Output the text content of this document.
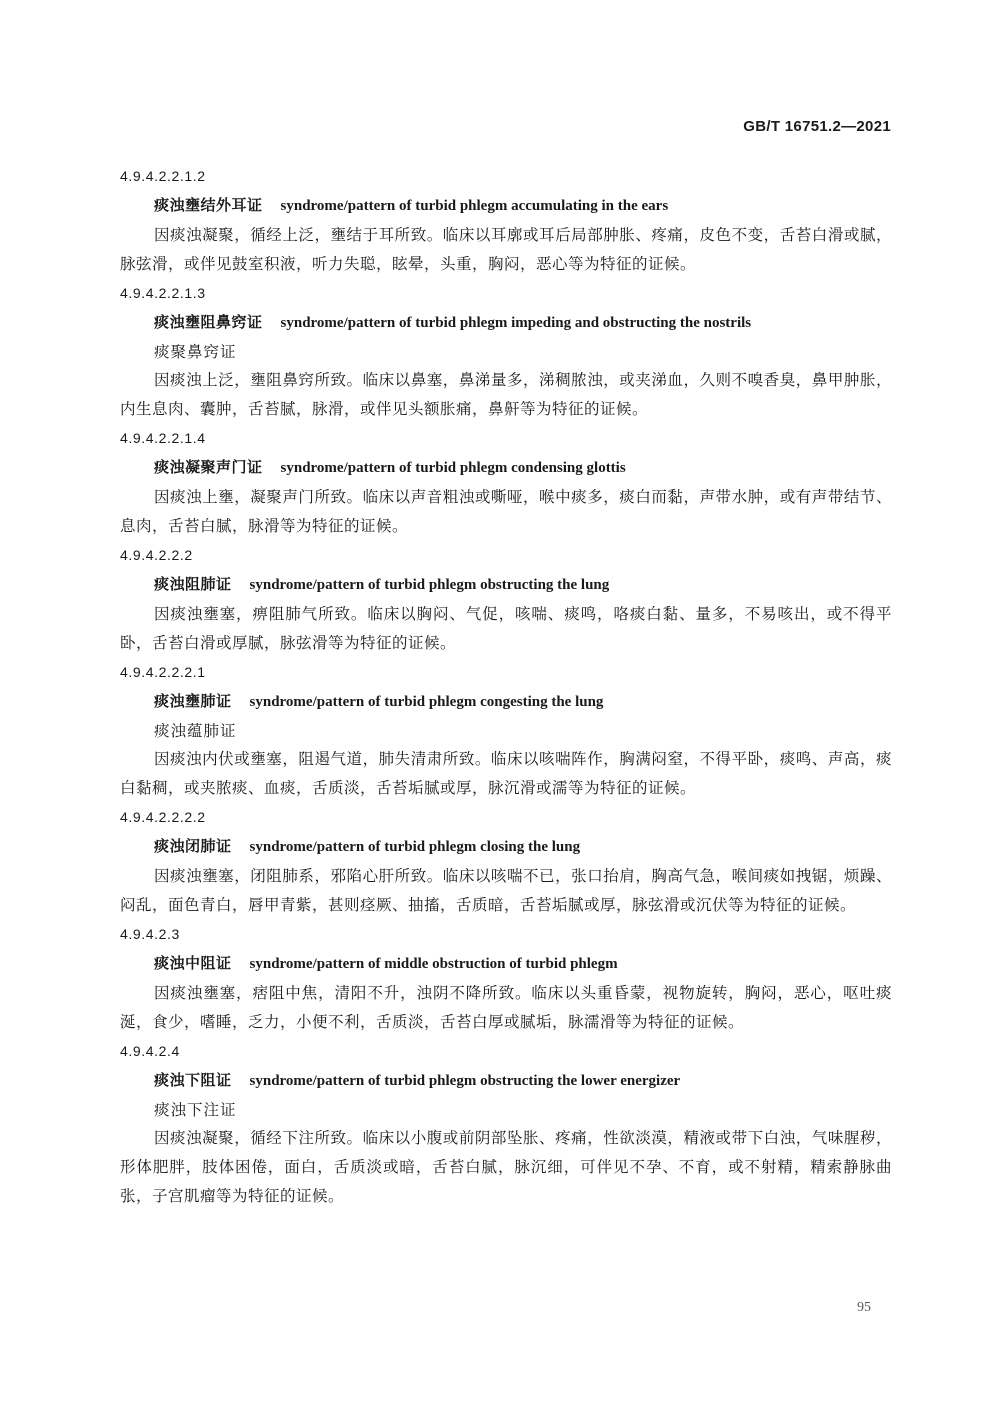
GB/T 16751.2—2021
4.9.4.2.2.1.2
痰浊壅结外耳证 syndrome/pattern of turbid phlegm accumulating in the ears
因痰浊凝聚，循经上泛，壅结于耳所致。临床以耳廓或耳后局部肿胀、疼痛，皮色不变，舌苔白滑或腻，脉弦滑，或伴见鼓室积液，听力失聪，眩晕，头重，胸闷，恶心等为特征的证候。
4.9.4.2.2.1.3
痰浊壅阻鼻窍证 syndrome/pattern of turbid phlegm impeding and obstructing the nostrils
痰聚鼻窍证
因痰浊上泛，壅阻鼻窍所致。临床以鼻塞，鼻涕量多，涕稠脓浊，或夹涕血，久则不嗅香臭，鼻甲肿胀，内生息肉、囊肿，舌苔腻，脉滑，或伴见头额胀痛，鼻鼾等为特征的证候。
4.9.4.2.2.1.4
痰浊凝聚声门证 syndrome/pattern of turbid phlegm condensing glottis
因痰浊上壅，凝聚声门所致。临床以声音粗浊或嘶哑，喉中痰多，痰白而黏，声带水肿，或有声带结节、息肉，舌苔白腻，脉滑等为特征的证候。
4.9.4.2.2.2
痰浊阻肺证 syndrome/pattern of turbid phlegm obstructing the lung
因痰浊壅塞，痹阻肺气所致。临床以胸闷、气促，咳喘、痰鸣，咯痰白黏、量多，不易咳出，或不得平卧，舌苔白滑或厚腻，脉弦滑等为特征的证候。
4.9.4.2.2.2.1
痰浊壅肺证 syndrome/pattern of turbid phlegm congesting the lung
痰浊蕴肺证
因痰浊内伏或壅塞，阻遏气道，肺失清肃所致。临床以咳喘阵作，胸满闷窒，不得平卧，痰鸣、声高，痰白黏稠，或夹脓痰、血痰，舌质淡，舌苔垢腻或厚，脉沉滑或濡等为特征的证候。
4.9.4.2.2.2.2
痰浊闭肺证 syndrome/pattern of turbid phlegm closing the lung
因痰浊壅塞，闭阻肺系，邪陷心肝所致。临床以咳喘不已，张口抬肩，胸高气急，喉间痰如拽锯，烦躁、闷乱，面色青白，唇甲青紫，甚则痉厥、抽搐，舌质暗，舌苔垢腻或厚，脉弦滑或沉伏等为特征的证候。
4.9.4.2.3
痰浊中阻证 syndrome/pattern of middle obstruction of turbid phlegm
因痰浊壅塞，痞阻中焦，清阳不升，浊阴不降所致。临床以头重昏蒙，视物旋转，胸闷，恶心，呕吐痰涎，食少，嗜睡，乏力，小便不利，舌质淡，舌苔白厚或腻垢，脉濡滑等为特征的证候。
4.9.4.2.4
痰浊下阻证 syndrome/pattern of turbid phlegm obstructing the lower energizer
痰浊下注证
因痰浊凝聚，循经下注所致。临床以小腹或前阴部坠胀、疼痛，性欲淡漠，精液或带下白浊，气味腥秽，形体肥胖，肢体困倦，面白，舌质淡或暗，舌苔白腻，脉沉细，可伴见不孕、不育，或不射精，精索静脉曲张，子宫肌瘤等为特征的证候。
95
